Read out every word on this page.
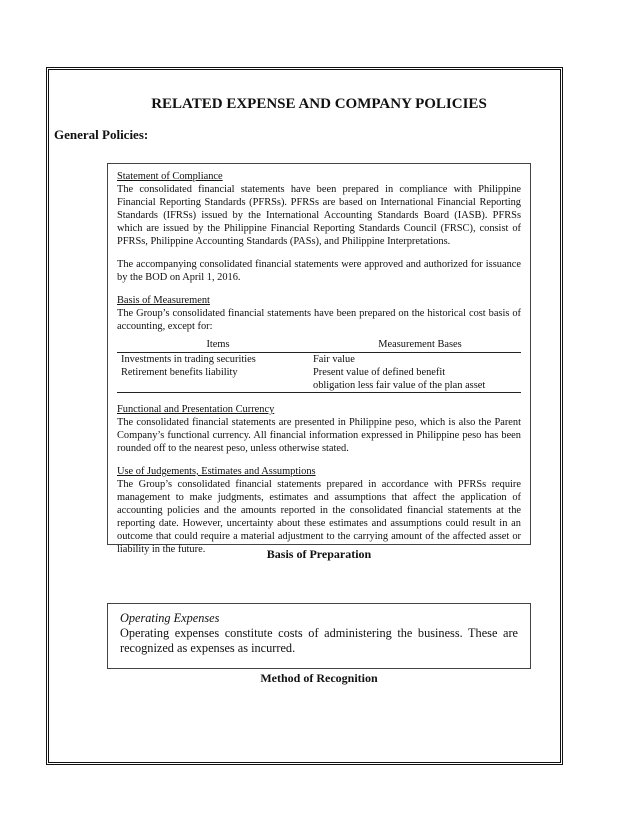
RELATED EXPENSE AND COMPANY POLICIES
General Policies:
Statement of Compliance

The consolidated financial statements have been prepared in compliance with Philippine Financial Reporting Standards (PFRSs). PFRSs are based on International Financial Reporting Standards (IFRSs) issued by the International Accounting Standards Board (IASB). PFRSs which are issued by the Philippine Financial Reporting Standards Council (FRSC), consist of PFRSs, Philippine Accounting Standards (PASs), and Philippine Interpretations.

The accompanying consolidated financial statements were approved and authorized for issuance by the BOD on April 1, 2016.

Basis of Measurement

The Group’s consolidated financial statements have been prepared on the historical cost basis of accounting, except for:

Items	Measurement Bases
Investments in trading securities	Fair value
Retirement benefits liability	Present value of defined benefit
obligation less fair value of the plan asset
Functional and Presentation Currency

The consolidated financial statements are presented in Philippine peso, which is also the Parent Company’s functional currency. All financial information expressed in Philippine peso has been rounded off to the nearest peso, unless otherwise stated.

Use of Judgements, Estimates and Assumptions

The Group’s consolidated financial statements prepared in accordance with PFRSs require management to make judgments, estimates and assumptions that affect the application of accounting policies and the amounts reported in the consolidated financial statements at the reporting date. However, uncertainty about these estimates and assumptions could result in an outcome that could require a material adjustment to the carrying amount of the affected asset or liability in the future.	Basis of Preparation
Operating Expenses

Operating expenses constitute costs of administering the business. These are recognized as expenses as incurred.

Method of Recognition
